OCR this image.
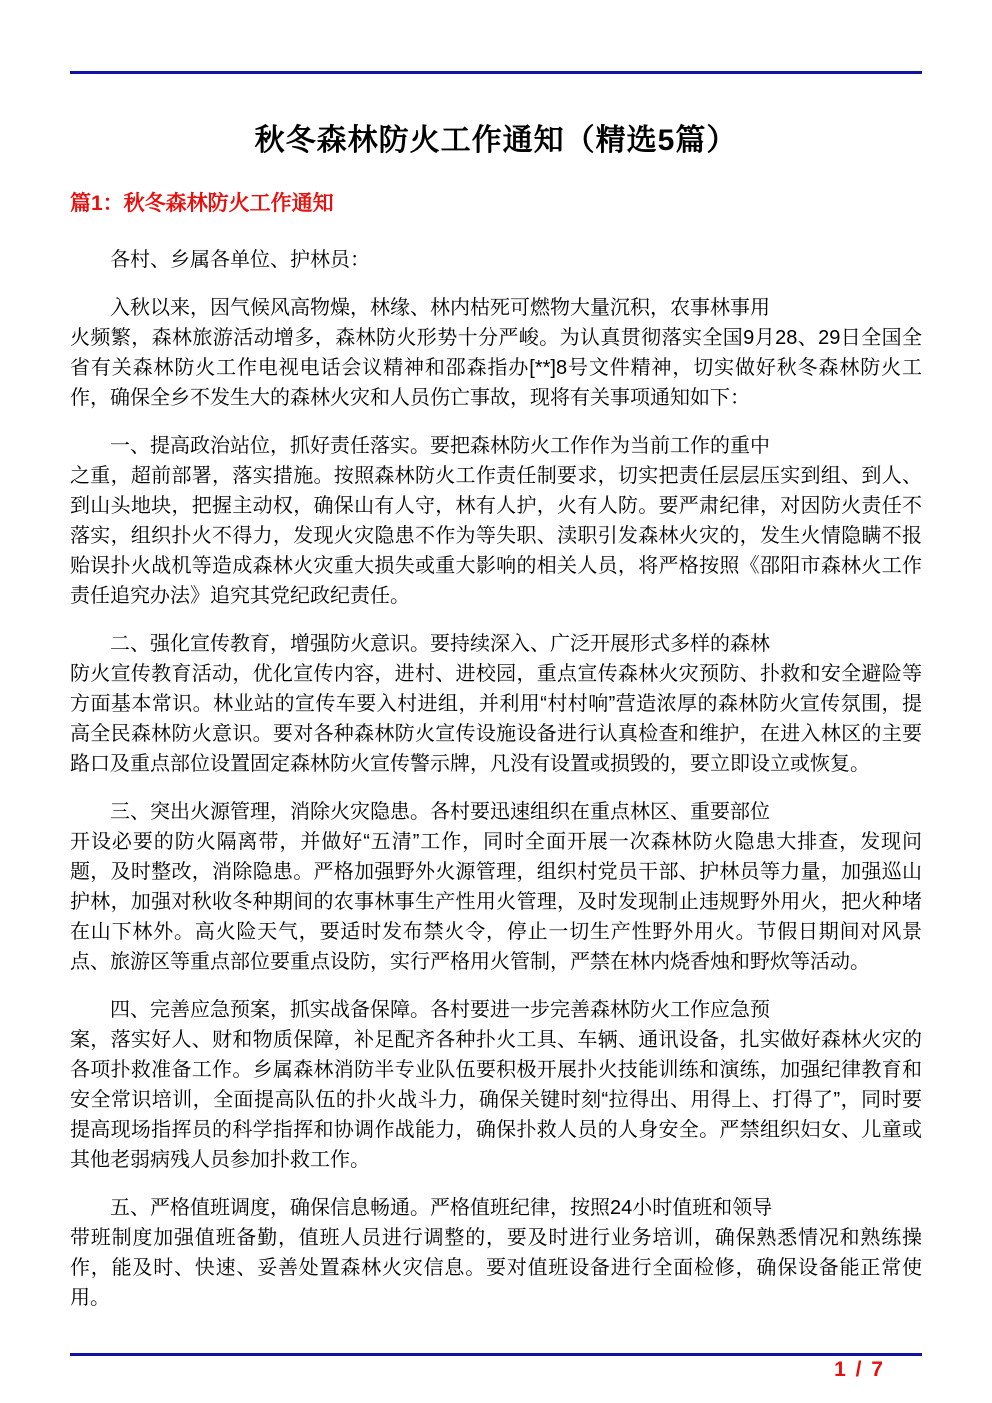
秋冬森林防火工作通知（精选5篇）
篇1：秋冬森林防火工作通知

各村、乡属各单位、护林员：

入秋以来，因气候风高物燥，林缘、林内枯死可燃物大量沉积，农事林事用
火频繁，森林旅游活动增多，森林防火形势十分严峻。为认真贯彻落实全国9月28、29日全国全省有关森林防火工作电视电话会议精神和邵森指办[**]8号文件精神，切实做好秋冬森林防火工作，确保全乡不发生大的森林火灾和人员伤亡事故，现将有关事项通知如下：

一、提高政治站位，抓好责任落实。要把森林防火工作作为当前工作的重中
之重，超前部署，落实措施。按照森林防火工作责任制要求，切实把责任层层压实到组、到人、到山头地块，把握主动权，确保山有人守，林有人护，火有人防。要严肃纪律，对因防火责任不落实，组织扑火不得力，发现火灾隐患不作为等失职、渎职引发森林火灾的，发生火情隐瞒不报贻误扑火战机等造成森林火灾重大损失或重大影响的相关人员，将严格按照《邵阳市森林火工作责任追究办法》追究其党纪政纪责任。

二、强化宣传教育，增强防火意识。要持续深入、广泛开展形式多样的森林
防火宣传教育活动，优化宣传内容，进村、进校园，重点宣传森林火灾预防、扑救和安全避险等方面基本常识。林业站的宣传车要入村进组，并利用“村村响”营造浓厚的森林防火宣传氛围，提高全民森林防火意识。要对各种森林防火宣传设施设备进行认真检查和维护，在进入林区的主要路口及重点部位设置固定森林防火宣传警示牌，凡没有设置或损毁的，要立即设立或恢复。

三、突出火源管理，消除火灾隐患。各村要迅速组织在重点林区、重要部位
开设必要的防火隔离带，并做好“五清”工作，同时全面开展一次森林防火隐患大排查，发现问题，及时整改，消除隐患。严格加强野外火源管理，组织村党员干部、护林员等力量，加强巡山护林，加强对秋收冬种期间的农事林事生产性用火管理，及时发现制止违规野外用火，把火种堵在山下林外。高火险天气，要适时发布禁火令，停止一切生产性野外用火。节假日期间对风景点、旅游区等重点部位要重点设防，实行严格用火管制，严禁在林内烧香烛和野炊等活动。

四、完善应急预案，抓实战备保障。各村要进一步完善森林防火工作应急预
案，落实好人、财和物质保障，补足配齐各种扑火工具、车辆、通讯设备，扎实做好森林火灾的各项扑救准备工作。乡属森林消防半专业队伍要积极开展扑火技能训练和演练，加强纪律教育和安全常识培训，全面提高队伍的扑火战斗力，确保关键时刻“拉得出、用得上、打得了”，同时要提高现场指挥员的科学指挥和协调作战能力，确保扑救人员的人身安全。严禁组织妇女、儿童或其他老弱病残人员参加扑救工作。

五、严格值班调度，确保信息畅通。严格值班纪律，按照24小时值班和领导
带班制度加强值班备勤，值班人员进行调整的，要及时进行业务培训，确保熟悉情况和熟练操作，能及时、快速、妥善处置森林火灾信息。要对值班设备进行全面检修，确保设备能正常使用。

1 / 7
